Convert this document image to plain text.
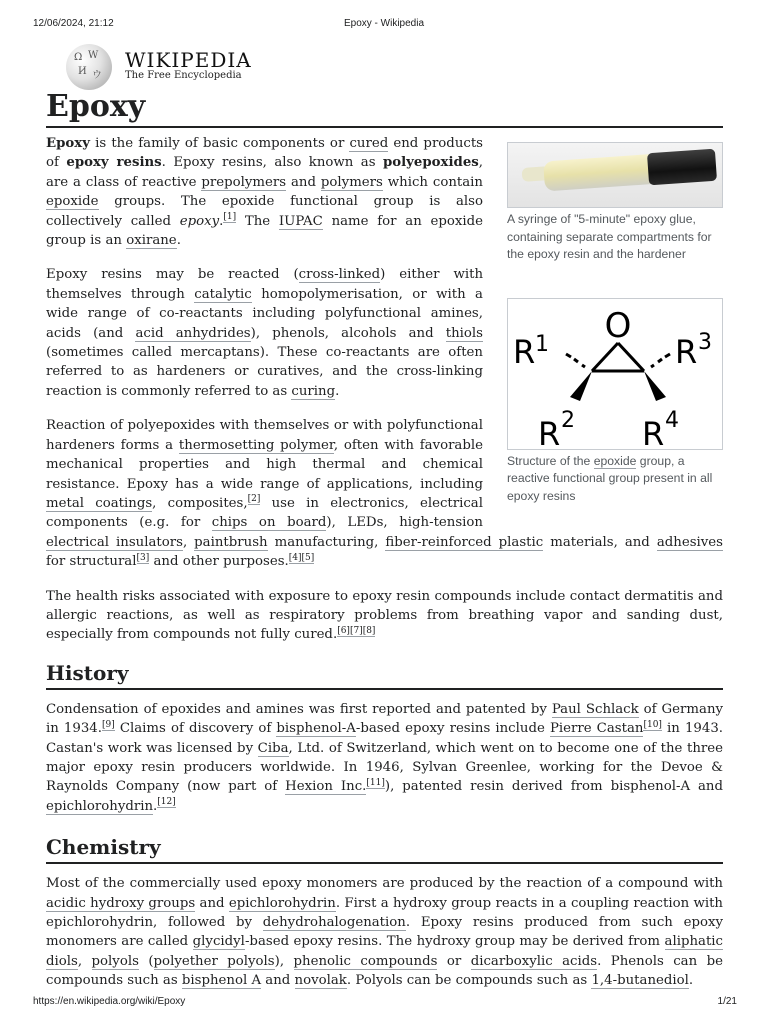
12/06/2024, 21:12	Epoxy - Wikipedia
Ω W
И ウ
WIKIPEDIA
The Free Encyclopedia
Epoxy
A syringe of "5-minute" epoxy glue, containing separate compartments for the epoxy resin and the hardener

Epoxy is the family of basic components or cured end products of epoxy resins. Epoxy resins, also known as polyepoxides, are a class of reactive prepolymers and polymers which contain epoxide groups. The epoxide functional group is also collectively called epoxy.[1] The IUPAC name for an epoxide group is an oxirane.

O
R 1	R 3
R 2 R 4
Structure of the epoxide group, a reactive functional group present in all epoxy resins

Epoxy resins may be reacted (cross-linked) either with themselves through catalytic homopolymerisation, or with a wide range of co-reactants including polyfunctional amines, acids (and acid anhydrides), phenols, alcohols and thiols (sometimes called mercaptans). These co-reactants are often referred to as hardeners or curatives, and the cross-linking reaction is commonly referred to as curing.

Reaction of polyepoxides with themselves or with polyfunctional hardeners forms a thermosetting polymer, often with favorable mechanical properties and high thermal and chemical resistance. Epoxy has a wide range of applications, including metal coatings, composites,[2] use in electronics, electrical components (e.g. for chips on board), LEDs, high-tension electrical insulators, paintbrush manufacturing, fiber-reinforced plastic materials, and adhesives for structural[3] and other purposes.[4][5]

The health risks associated with exposure to epoxy resin compounds include contact dermatitis and allergic reactions, as well as respiratory problems from breathing vapor and sanding dust, especially from compounds not fully cured.[6][7][8]

History

Condensation of epoxides and amines was first reported and patented by Paul Schlack of Germany in 1934.[9] Claims of discovery of bisphenol-A-based epoxy resins include Pierre Castan[10] in 1943. Castan's work was licensed by Ciba, Ltd. of Switzerland, which went on to become one of the three major epoxy resin producers worldwide. In 1946, Sylvan Greenlee, working for the Devoe & Raynolds Company (now part of Hexion Inc.[11]), patented resin derived from bisphenol-A and epichlorohydrin.[12]

Chemistry

Most of the commercially used epoxy monomers are produced by the reaction of a compound with acidic hydroxy groups and epichlorohydrin. First a hydroxy group reacts in a coupling reaction with epichlorohydrin, followed by dehydrohalogenation. Epoxy resins produced from such epoxy monomers are called glycidyl-based epoxy resins. The hydroxy group may be derived from aliphatic diols, polyols (polyether polyols), phenolic compounds or dicarboxylic acids. Phenols can be compounds such as bisphenol A and novolak. Polyols can be compounds such as 1,4-butanediol.

https://en.wikipedia.org/wiki/Epoxy	1/21
